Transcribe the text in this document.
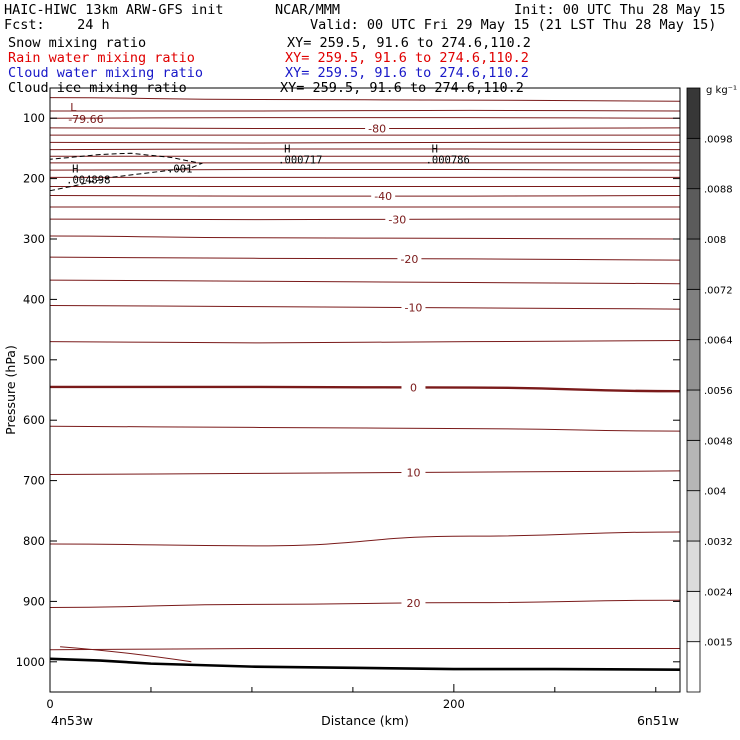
HAIC-HIWC 13km ARW-GFS init	NCAR/MMM	Init: 00 UTC Thu 28 May 15
Fcst:    24 h	Valid: 00 UTC Fri 29 May 15 (21 LST Thu 28 May 15)
Snow mixing ratio	XY= 259.5, 91.6 to 274.6,110.2
Rain water mixing ratio	XY= 259.5, 91.6 to 274.6,110.2
Cloud water mixing ratio	XY= 259.5, 91.6 to 274.6,110.2
Cloud ice mixing ratio	XY= 259.5, 91.6 to 274.6,110.2
-80
-40
-30
-20
-10
0
10
20
L
-79.66
H
.004898
H
.000717
H
.000786
.001
100
200
300
400
500
600
700
800
900
1000
0	200
Distance (km)
Pressure (hPa)
4n53w	6n51w
.0015
.0024
.0032
.004
.0048
.0056
.0064
.0072
.008
.0088
.0098
g kg⁻¹
